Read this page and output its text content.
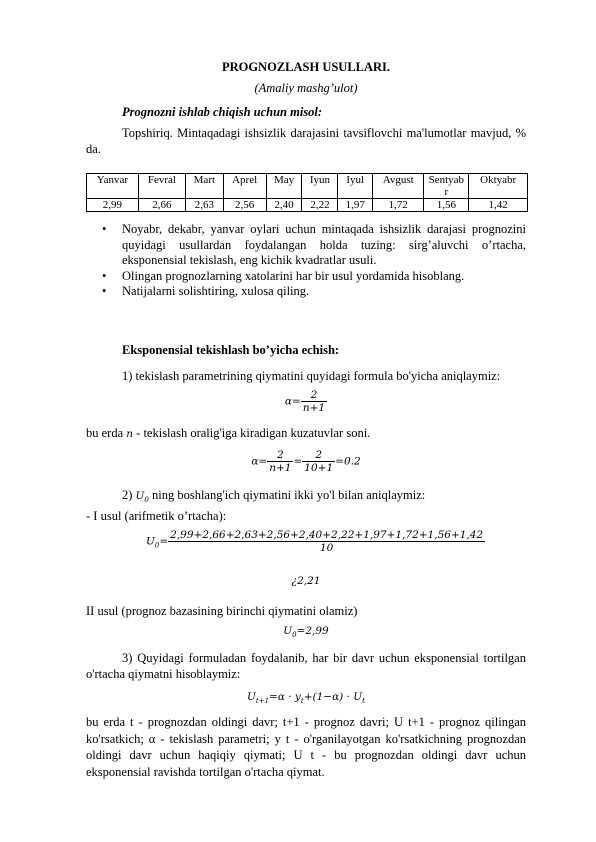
PROGNOZLASH USULLARI.
(Amaliy mashg’ulot)
Prognozni ishlab chiqish uchun misol:
Topshiriq. Mintaqadagi ishsizlik darajasini tavsiflovchi ma'lumotlar mavjud, % da.
Yanvar	Fevral	Mart	Aprel	May	Iyun	Iyul	Avgust	Sentyab r	Oktyabr
2,99	2,66	2,63	2,56	2,40	2,22	1,97	1,72	1,56	1,42
• Noyabr, dekabr, yanvar oylari uchun mintaqada ishsizlik darajasi prognozini quyidagi usullardan foydalangan holda tuzing: sirg’aluvchi o’rtacha, eksponensial tekislash, eng kichik kvadratlar usuli.
• Olingan prognozlarning xatolarini har bir usul yordamida hisoblang.
• Natijalarni solishtiring, xulosa qiling.
Eksponensial tekishlash bo’yicha echish:
1) tekislash parametrining qiymatini quyidagi formula bo'yicha aniqlaymiz:
$\alpha= \frac{2}{n+1}$
bu erda n - tekislash oralig'iga kiradigan kuzatuvlar soni.
$\alpha= \frac{2}{n+1} = \frac{2}{10+1} =0.2$
2) $U_0$ ning boshlang'ich qiymatini ikki yo'l bilan aniqlaymiz:
- I usul (arifmetik o’rtacha):
$U_0= \frac{2,99+2,66+2,63+2,56+2,40+2,22+1,97+1,72+1,56+1,42}{10}$
¿2,21
II usul (prognoz bazasining birinchi qiymatini olamiz)
$U_0=2,99$
3) Quyidagi formuladan foydalanib, har bir davr uchun eksponensial tortilgan o'rtacha qiymatni hisoblaymiz:
$U_{t+1}=\alpha \cdot y_t+(1-\alpha) \cdot U_t$
bu erda t - prognozdan oldingi davr; t+1 - prognoz davri; U t+1 - prognoz qilingan ko'rsatkich; α - tekislash parametri; y t - o'rganilayotgan ko'rsatkichning prognozdan oldingi davr uchun haqiqiy qiymati; U t - bu prognozdan oldingi davr uchun eksponensial ravishda tortilgan o'rtacha qiymat.
